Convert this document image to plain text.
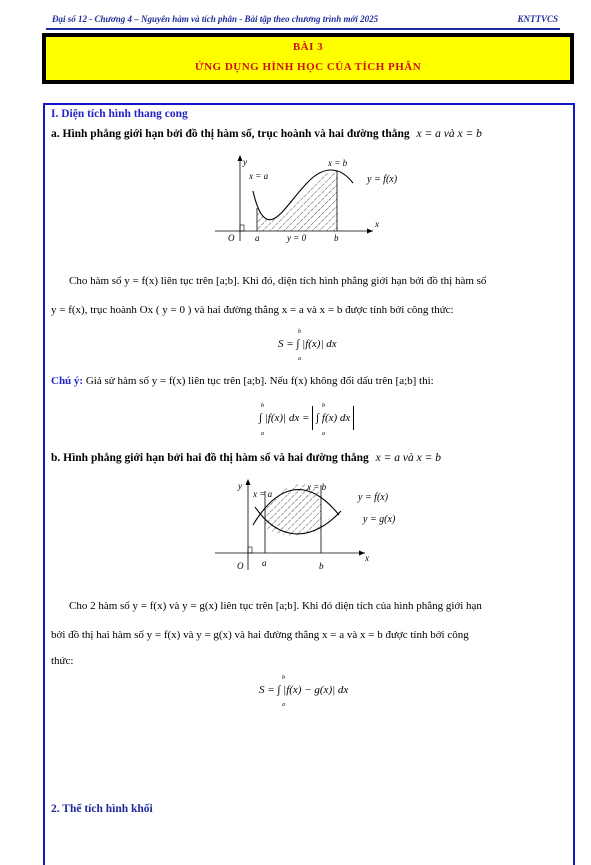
Đại số 12 - Chương 4 – Nguyên hàm và tích phân - Bài tập theo chương trình mới 2025	KNTTVCS
BÀI 3
ỨNG DỤNG HÌNH HỌC CỦA TÍCH PHÂN
I. Diện tích hình thang cong
a. Hình phẳng giới hạn bởi đồ thị hàm số, trục hoành và hai đường thẳng x = a và x = b
y
x
x = a
x = b
O a	y = 0	b
y = f(x)
Cho hàm số y = f(x) liên tục trên [a;b]. Khi đó, diện tích hình phẳng giới hạn bởi đồ thị hàm số
y = f(x), trục hoành Ox ( y = 0 ) và hai đường thẳng x = a và x = b được tính bởi công thức:
S = ∫ |f(x)| dx
b
a
Chú ý: Giả sử hàm số y = f(x) liên tục trên [a;b]. Nếu f(x) không đổi dấu trên [a;b] thì:
∫ |f(x)| dx = ∫ f(x) dx
b
a
b
a
b. Hình phẳng giới hạn bởi hai đồ thị hàm số và hai đường thẳng x = a và x = b
y
x
x = a
x = b
O a	b
y = f(x)
y = g(x)
Cho 2 hàm số y = f(x) và y = g(x) liên tục trên [a;b]. Khi đó diện tích của hình phẳng giới hạn
bởi đồ thị hai hàm số y = f(x) và y = g(x) và hai đường thẳng x = a và x = b được tính bởi công
thức:
S = ∫ |f(x) − g(x)| dx
b
a
2. Thể tích hình khối
